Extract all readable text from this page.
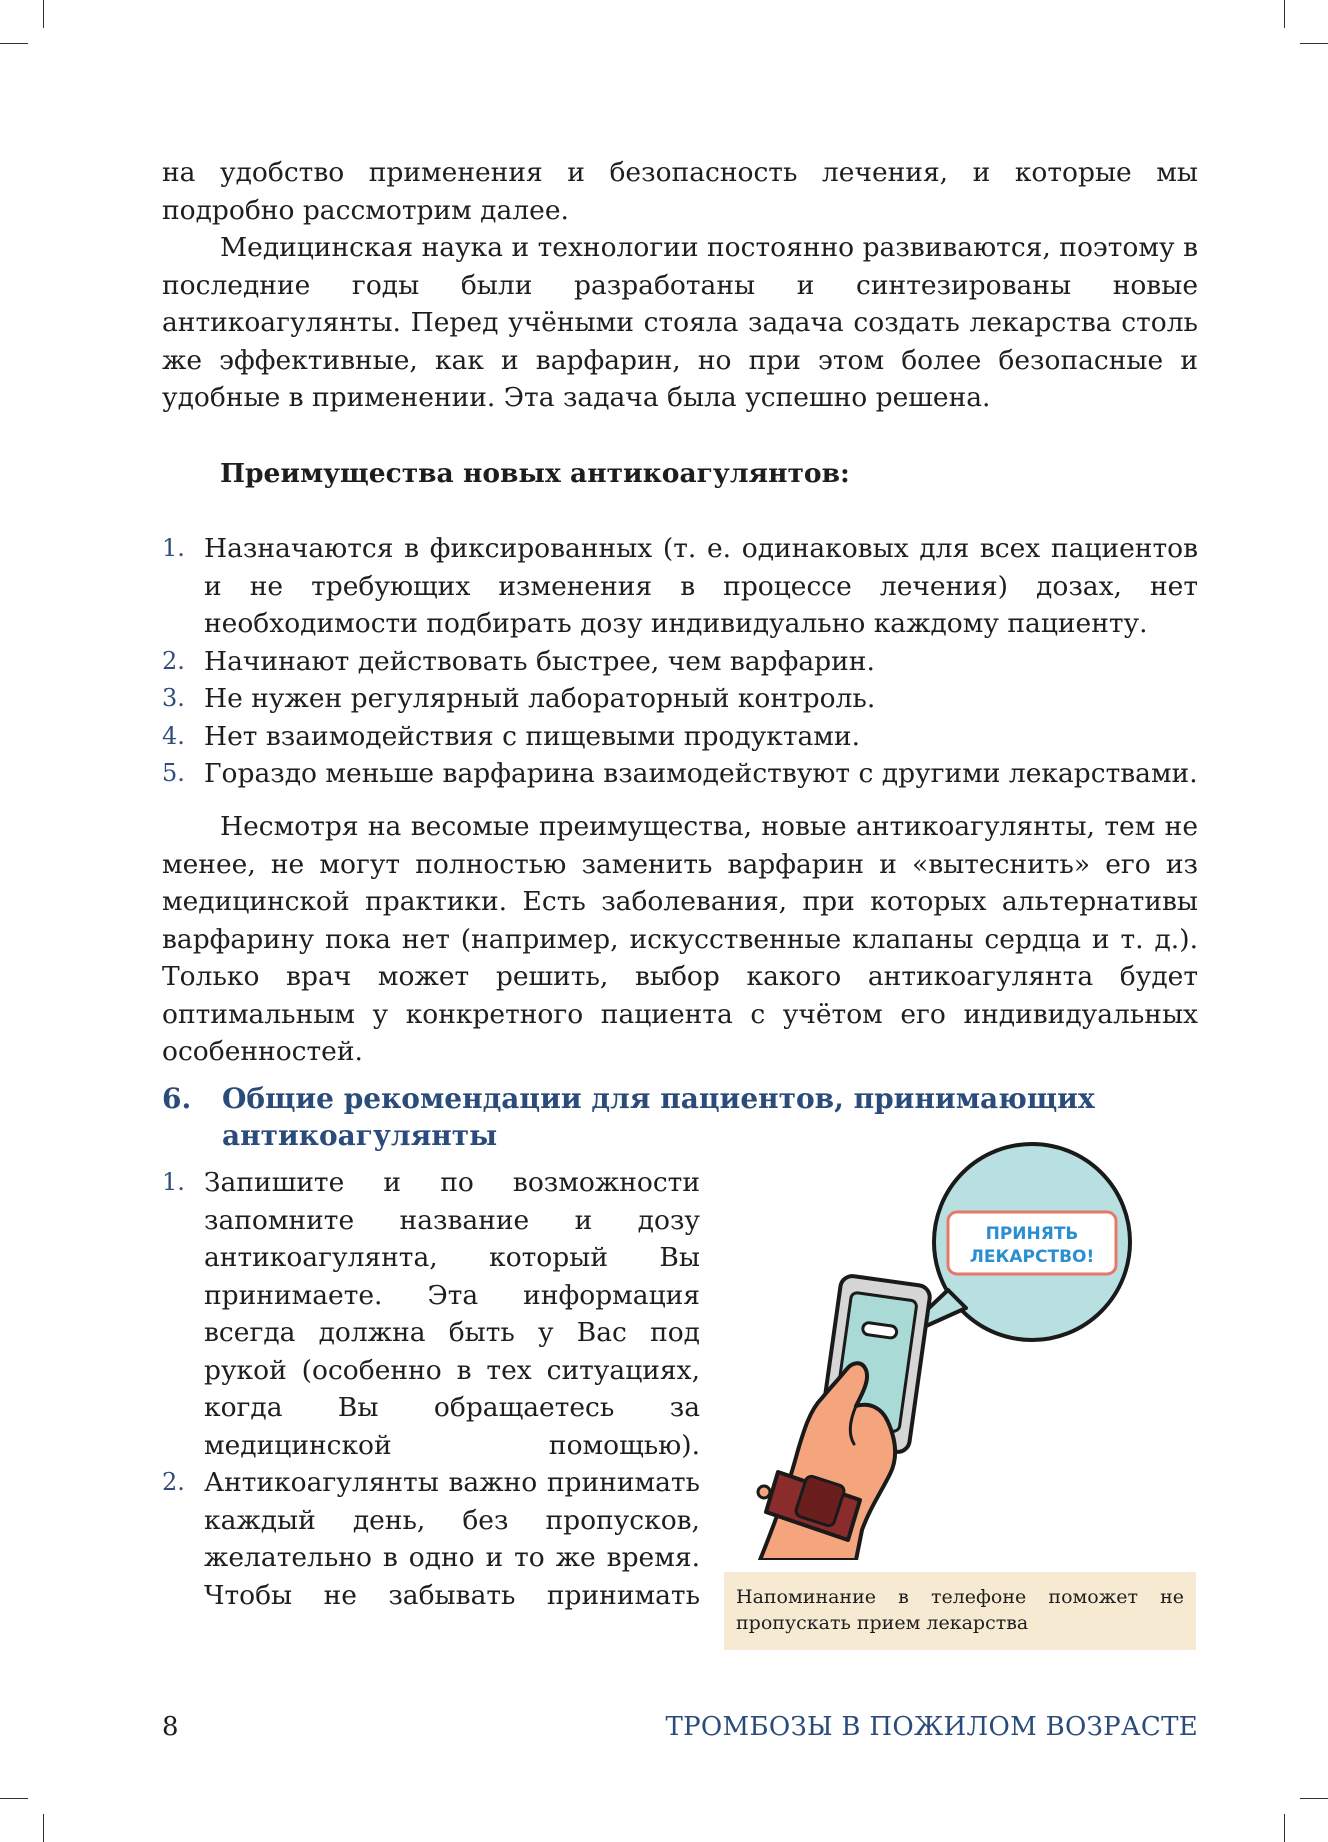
на удобство применения и безопасность лечения, и которые мы подробно рассмотрим далее.

Медицинская наука и технологии постоянно развиваются, поэтому в последние годы были разработаны и синтезированы новые антикоагулянты. Перед учёными стояла задача создать лекарства столь же эффективные, как и варфарин, но при этом более безопасные и удобные в применении. Эта задача была успешно решена.

Преимущества новых антикоагулянтов:

1. Назначаются в фиксированных (т. е. одинаковых для всех пациентов и не требующих изменения в процессе лечения) дозах, нет необходимости подбирать дозу индивидуально каждому пациенту.
2. Начинают действовать быстрее, чем варфарин.
3. Не нужен регулярный лабораторный контроль.
4. Нет взаимодействия с пищевыми продуктами.
5. Гораздо меньше варфарина взаимодействуют с другими лекарствами.

Несмотря на весомые преимущества, новые антикоагулянты, тем не менее, не могут полностью заменить варфарин и «вытеснить» его из медицинской практики. Есть заболевания, при которых альтернативы варфарину пока нет (например, искусственные клапаны сердца и т. д.). Только врач может решить, выбор какого антикоагулянта будет оптимальным у конкретного пациента с учётом его индивидуальных особенностей.

6. Общие рекомендации для пациентов, принимающих антикоагулянты
1. Запишите и по возможности запомните название и дозу антикоагулянта, который Вы принимаете. Эта информация всегда должна быть у Вас под рукой (особенно в тех ситуациях, когда Вы обращаетесь за медицинской	помощью).
2. Антикоагулянты важно принимать каждый день, без пропусков, желательно в одно и то же время. Чтобы не забывать принимать
ПРИНЯТЬ
ЛЕКАРСТВО!
Напоминание в телефоне поможет не пропускать прием лекарства
8	ТРОМБОЗЫ В ПОЖИЛОМ ВОЗРАСТЕ
